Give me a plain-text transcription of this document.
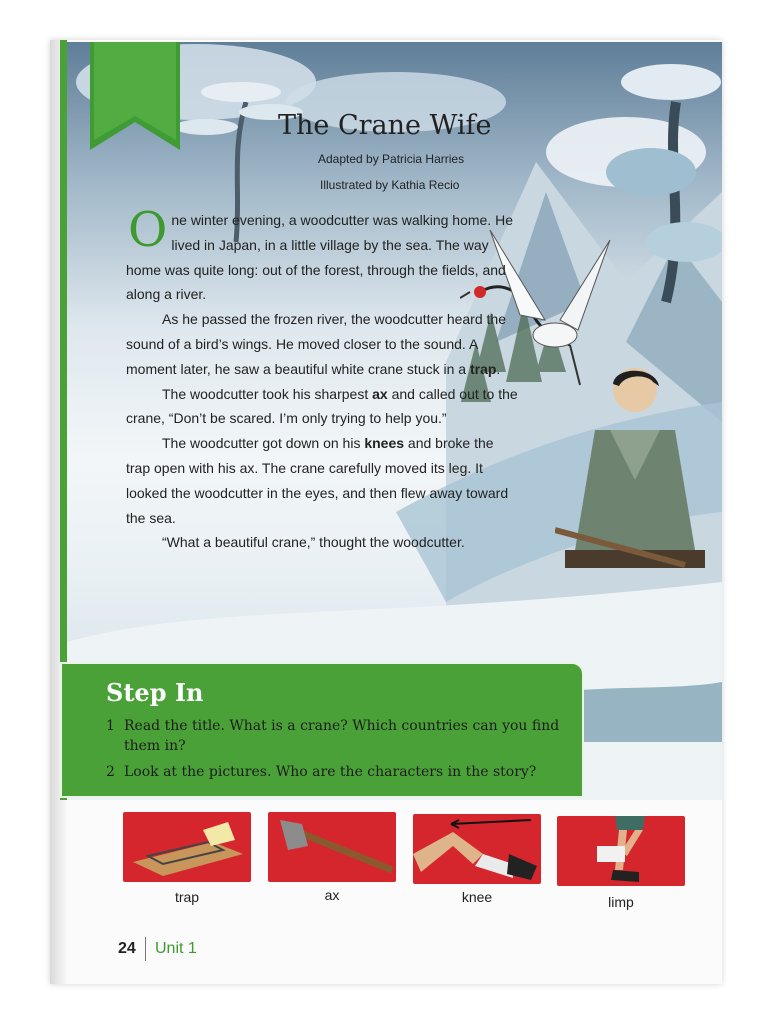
The Crane Wife
Adapted by Patricia Harries
Illustrated by Kathia Recio

One winter evening, a woodcutter was walking home. He lived in Japan, in a little village by the sea. The way home was quite long: out of the forest, through the fields, and along a river.

As he passed the frozen river, the woodcutter heard the sound of a bird’s wings. He moved closer to the sound. A moment later, he saw a beautiful white crane stuck in a trap.

The woodcutter took his sharpest ax and called out to the crane, “Don’t be scared. I’m only trying to help you.”

The woodcutter got down on his knees and broke the trap open with his ax. The crane carefully moved its leg. It looked the woodcutter in the eyes, and then flew away toward the sea.

“What a beautiful crane,” thought the woodcutter.

Step In
1 Read the title. What is a crane? Which countries can you find them in?
2 Look at the pictures. Who are the characters in the story?
trap	ax	knee	limp
24 Unit 1
